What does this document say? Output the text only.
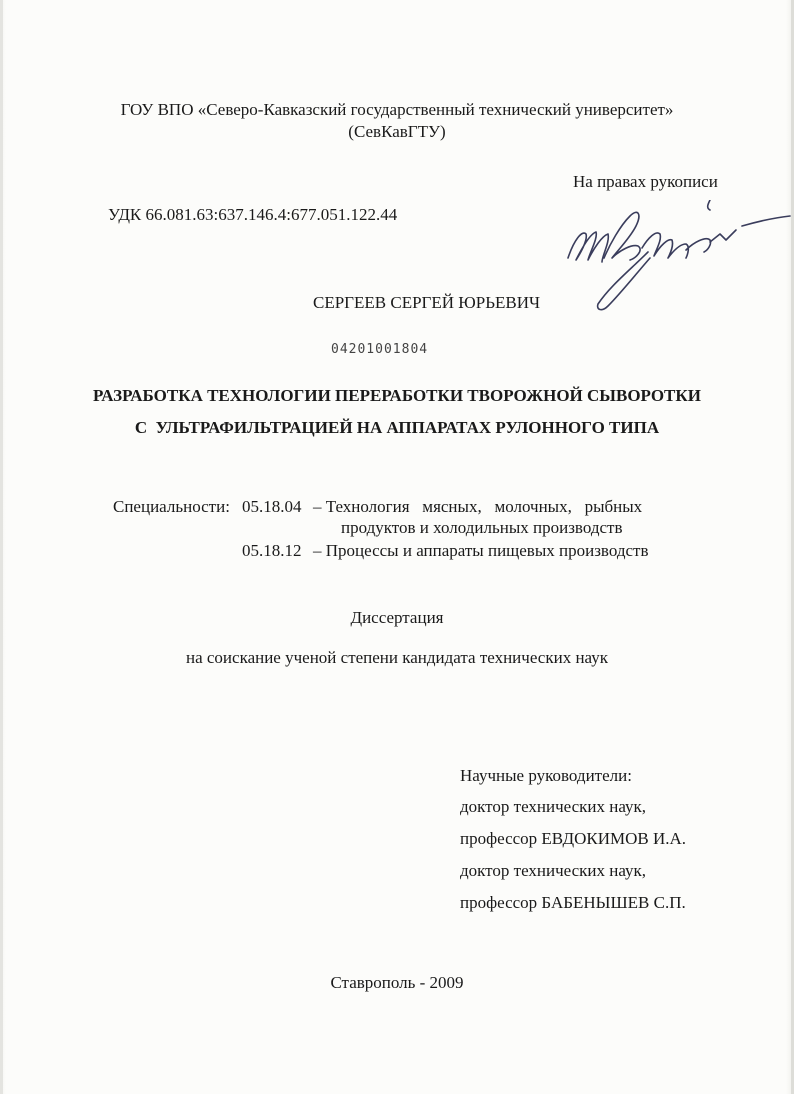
ГОУ ВПО «Северо-Кавказский государственный технический университет»
(СевКавГТУ)
На правах рукописи
УДК 66.081.63:637.146.4:677.051.122.44
СЕРГЕЕВ СЕРГЕЙ ЮРЬЕВИЧ
04201001804
РАЗРАБОТКА ТЕХНОЛОГИИ ПЕРЕРАБОТКИ ТВОРОЖНОЙ СЫВОРОТКИ
С  УЛЬТРАФИЛЬТРАЦИЕЙ НА АППАРАТАХ РУЛОННОГО ТИПА
Специальности: 05.18.04 – Технология   мясных,   молочных,   рыбных
продуктов и холодильных производств
05.18.12 – Процессы и аппараты пищевых производств
Диссертация
на соискание ученой степени кандидата технических наук
Научные руководители:
доктор технических наук,
профессор ЕВДОКИМОВ И.А.
доктор технических наук,
профессор БАБЕНЫШЕВ С.П.
Ставрополь - 2009
